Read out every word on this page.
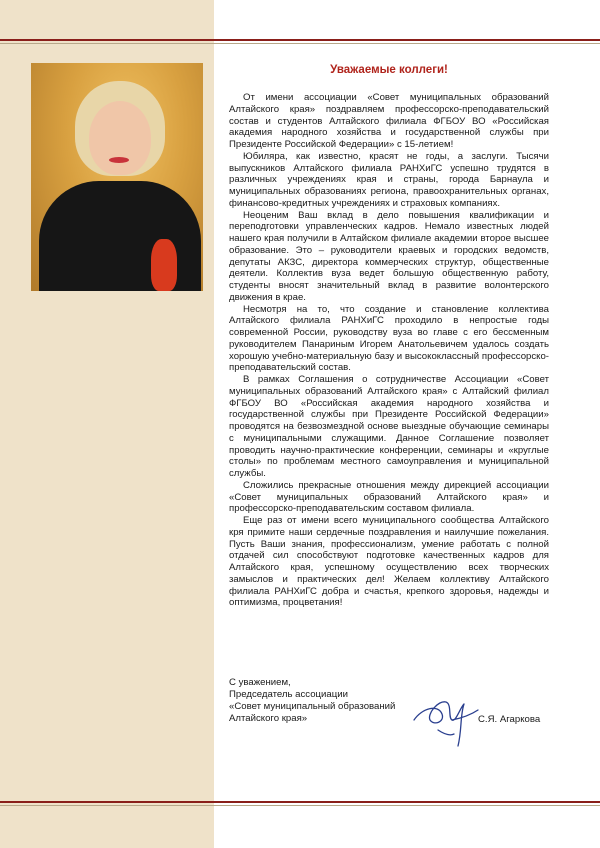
Уважаемые коллеги!

От имени ассоциации «Совет муниципальных образований Алтайского края» поздравляем профессорско-преподавательский состав и студентов Алтайского филиала ФГБОУ ВО «Российская академия народного хозяйства и государственной службы при Президенте Российской Федерации» с 15-летием!

Юбиляра, как известно, красят не годы, а заслуги. Тысячи выпускников Алтайского филиала РАНХиГС успешно трудятся в различных учреждениях края и страны, города Барнаула и муниципальных образованиях региона, правоохранительных органах, финансово-кредитных учреждениях и страховых компаниях.

Неоценим Ваш вклад в дело повышения квалификации и переподготовки управленческих кадров. Немало известных людей нашего края получили в Алтайском филиале академии второе высшее образование. Это – руководители краевых и городских ведомств, депутаты АКЗС, директора коммерческих структур, общественные деятели. Коллектив вуза ведет большую общественную работу, студенты вносят значительный вклад в развитие волонтерского движения в крае.

Несмотря на то, что создание и становление коллектива Алтайского филиала РАНХиГС проходило в непростые годы современной России, руководству вуза во главе с его бессменным руководителем Панариным Игорем Анатольевичем удалось создать хорошую учебно-материальную базу и высококлассный профессорско-преподавательский состав.

В рамках Соглашения о сотрудничестве Ассоциации «Совет муниципальных образований Алтайского края» с Алтайский филиал ФГБОУ ВО «Российская академия народного хозяйства и государственной службы при Президенте Российской Федерации» проводятся на безвозмездной основе выездные обучающие семинары с муниципальными служащими. Данное Соглашение позволяет проводить научно-практические конференции, семинары и «круглые столы» по проблемам местного самоуправления и муниципальной службы.

Сложились прекрасные отношения между дирекцией ассоциации «Совет муниципальных образований Алтайского края» и профессорско-преподавательским составом филиала.

Еще раз от имени всего муниципального сообщества Алтайского кря примите наши сердечные поздравления и наилучшие пожелания. Пусть Ваши знания, профессионализм, умение работать с полной отдачей сил способствуют подготовке качественных кадров для Алтайского края, успешному осуществлению всех творческих замыслов и практических дел! Желаем коллективу Алтайского филиала РАНХиГС добра и счастья, крепкого здоровья, надежды и оптимизма, процветания!

С уважением,
Председатель ассоциации
«Совет муниципальный образований
Алтайского края»	С.Я. Агаркова
